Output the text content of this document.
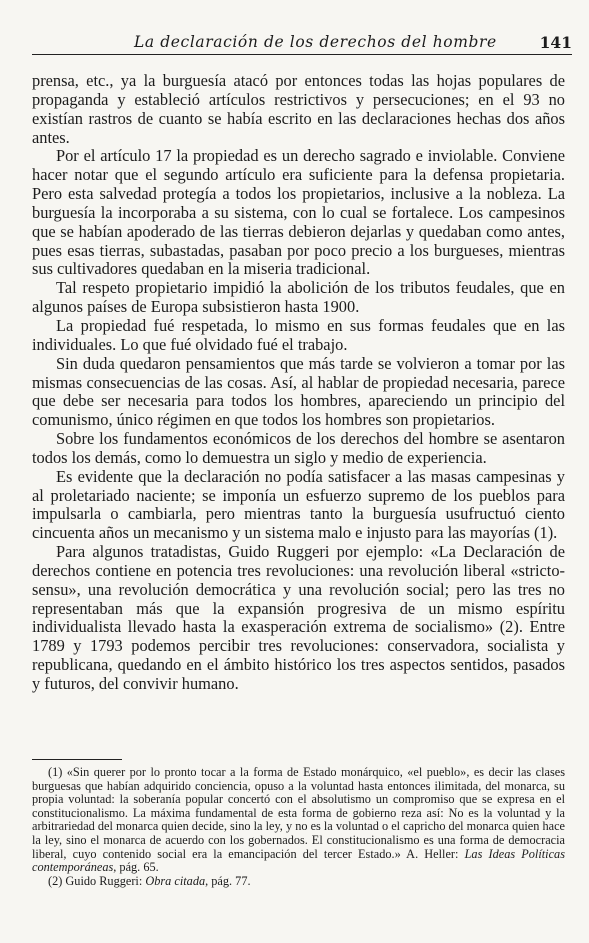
La declaración de los derechos del hombre	141

prensa, etc., ya la burguesía atacó por entonces todas las hojas populares de propaganda y estableció artículos restrictivos y persecuciones; en el 93 no existían rastros de cuanto se había escrito en las declaraciones hechas dos años antes.

Por el artículo 17 la propiedad es un derecho sagrado e inviolable. Conviene hacer notar que el segundo artículo era suficiente para la defensa propietaria. Pero esta salvedad protegía a todos los propietarios, inclusive a la nobleza. La burguesía la incorporaba a su sistema, con lo cual se fortalece. Los campesinos que se habían apoderado de las tierras debieron dejarlas y quedaban como antes, pues esas tierras, subastadas, pasaban por poco precio a los burgueses, mientras sus cultivadores quedaban en la miseria tradicional.

Tal respeto propietario impidió la abolición de los tributos feudales, que en algunos países de Europa subsistieron hasta 1900.

La propiedad fué respetada, lo mismo en sus formas feudales que en las individuales. Lo que fué olvidado fué el trabajo.

Sin duda quedaron pensamientos que más tarde se volvieron a tomar por las mismas consecuencias de las cosas. Así, al hablar de propiedad necesaria, parece que debe ser necesaria para todos los hombres, apareciendo un principio del comunismo, único régimen en que todos los hombres son propietarios.

Sobre los fundamentos económicos de los derechos del hombre se asentaron todos los demás, como lo demuestra un siglo y medio de experiencia.

Es evidente que la declaración no podía satisfacer a las masas campesinas y al proletariado naciente; se imponía un esfuerzo supremo de los pueblos para impulsarla o cambiarla, pero mientras tanto la burguesía usufructuó ciento cincuenta años un mecanismo y un sistema malo e injusto para las mayorías (1).

Para algunos tratadistas, Guido Ruggeri por ejemplo: «La Declaración de derechos contiene en potencia tres revoluciones: una revolución liberal «stricto-sensu», una revolución democrática y una revolución social; pero las tres no representaban más que la expansión progresiva de un mismo espíritu individualista llevado hasta la exasperación extrema de socialismo» (2). Entre 1789 y 1793 podemos percibir tres revoluciones: conservadora, socialista y republicana, quedando en el ámbito histórico los tres aspectos sentidos, pasados y futuros, del convivir humano.

(1) «Sin querer por lo pronto tocar a la forma de Estado monárquico, «el pueblo», es decir las clases burguesas que habían adquirido conciencia, opuso a la voluntad hasta entonces ilimitada, del monarca, su propia voluntad: la soberanía popular concertó con el absolutismo un compromiso que se expresa en el constitucionalismo. La máxima fundamental de esta forma de gobierno reza así: No es la voluntad y la arbitrariedad del monarca quien decide, sino la ley, y no es la voluntad o el capricho del monarca quien hace la ley, sino el monarca de acuerdo con los gobernados. El constitucionalismo es una forma de democracia liberal, cuyo contenido social era la emancipación del tercer Estado.» A. Heller: Las Ideas Políticas contemporáneas, pág. 65.

(2) Guido Ruggeri: Obra citada, pág. 77.
